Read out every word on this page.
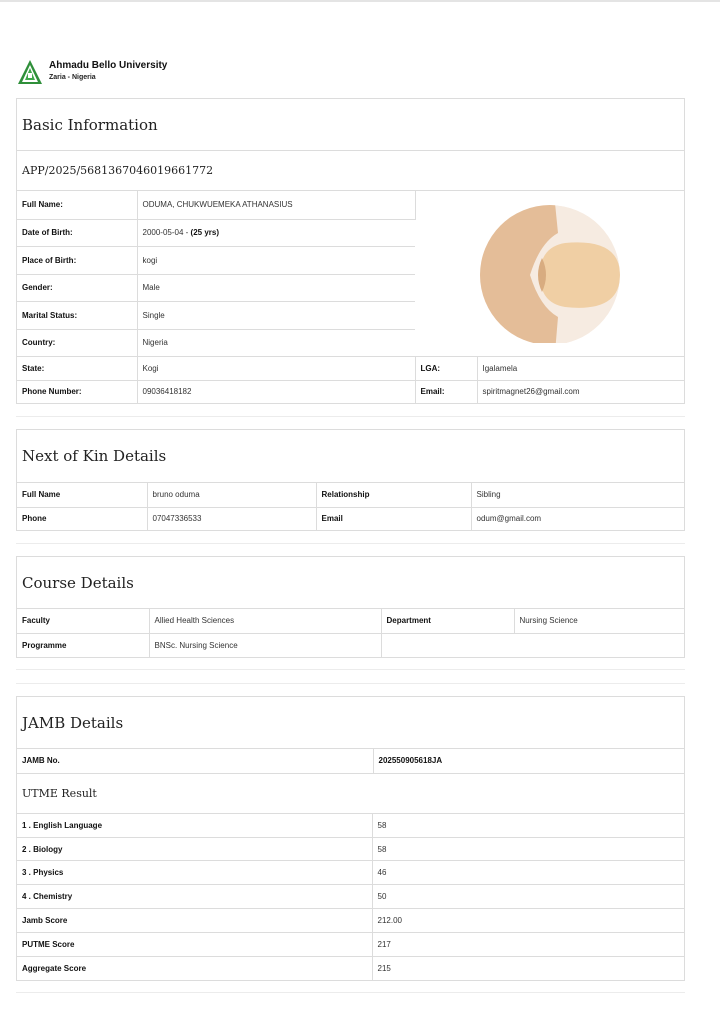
Ahmadu Bello University
Zaria - Nigeria
Basic Information
APP/2025/5681367046019661772
Full Name:	ODUMA, CHUKWUEMEKA ATHANASIUS	

Date of Birth:	2000-05-04 - (25 yrs)		
Place of Birth:	kogi		
Gender:	Male		
Marital Status:	Single		
Country:	Nigeria		
State:	Kogi	LGA:	Igalamela
Phone Number:	09036418182	Email:	spiritmagnet26@gmail.com
Next of Kin Details
Full Name	bruno oduma	Relationship	Sibling
Phone	07047336533	Email	odum@gmail.com
Course Details
Faculty	Allied Health Sciences	Department	Nursing Science
Programme	BNSc. Nursing Science		
JAMB Details
JAMB No.	202550905618JA
UTME Result
1 . English Language	58
2 . Biology	58
3 . Physics	46
4 . Chemistry	50
Jamb Score	212.00
PUTME Score	217
Aggregate Score	215
